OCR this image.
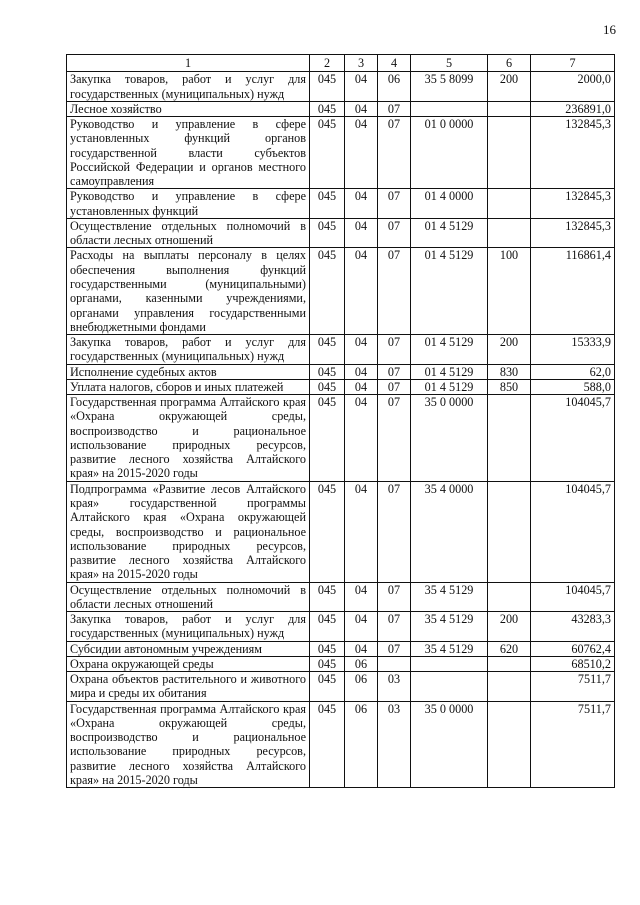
16
1	2	3	4	5	6	7
Закупка товаров, работ и услуг для государственных (муниципальных) нужд	045	04	06	35 5 8099	200	2000,0
Лесное хозяйство	045	04	07			236891,0
Руководство и управление в сфере установленных функций органов государственной власти субъектов Российской Федерации и органов местного самоуправления	045	04	07	01 0 0000		132845,3
Руководство и управление в сфере установленных функций	045	04	07	01 4 0000		132845,3
Осуществление отдельных полномочий в области лесных отношений	045	04	07	01 4 5129		132845,3
Расходы на выплаты персоналу в целях обеспечения выполнения функций государственными (муниципальными) органами, казенными учреждениями, органами управления государственными внебюджетными фондами	045	04	07	01 4 5129	100	116861,4
Закупка товаров, работ и услуг для государственных (муниципальных) нужд	045	04	07	01 4 5129	200	15333,9
Исполнение судебных актов	045	04	07	01 4 5129	830	62,0
Уплата налогов, сборов и иных платежей	045	04	07	01 4 5129	850	588,0
Государственная программа Алтайского края «Охрана окружающей среды, воспроизводство и рациональное использование природных ресурсов, развитие лесного хозяйства Алтайского края» на 2015-2020 годы	045	04	07	35 0 0000		104045,7
Подпрограмма «Развитие лесов Алтайского края» государственной программы Алтайского края «Охрана окружающей среды, воспроизводство и рациональное использование природных ресурсов, развитие лесного хозяйства Алтайского края» на 2015-2020 годы	045	04	07	35 4 0000		104045,7
Осуществление отдельных полномочий в области лесных отношений	045	04	07	35 4 5129		104045,7
Закупка товаров, работ и услуг для государственных (муниципальных) нужд	045	04	07	35 4 5129	200	43283,3
Субсидии автономным учреждениям	045	04	07	35 4 5129	620	60762,4
Охрана окружающей среды	045	06				68510,2
Охрана объектов растительного и животного мира и среды их обитания	045	06	03			7511,7
Государственная программа Алтайского края «Охрана окружающей среды, воспроизводство и рациональное использование природных ресурсов, развитие лесного хозяйства Алтайского края» на 2015-2020 годы	045	06	03	35 0 0000		7511,7
